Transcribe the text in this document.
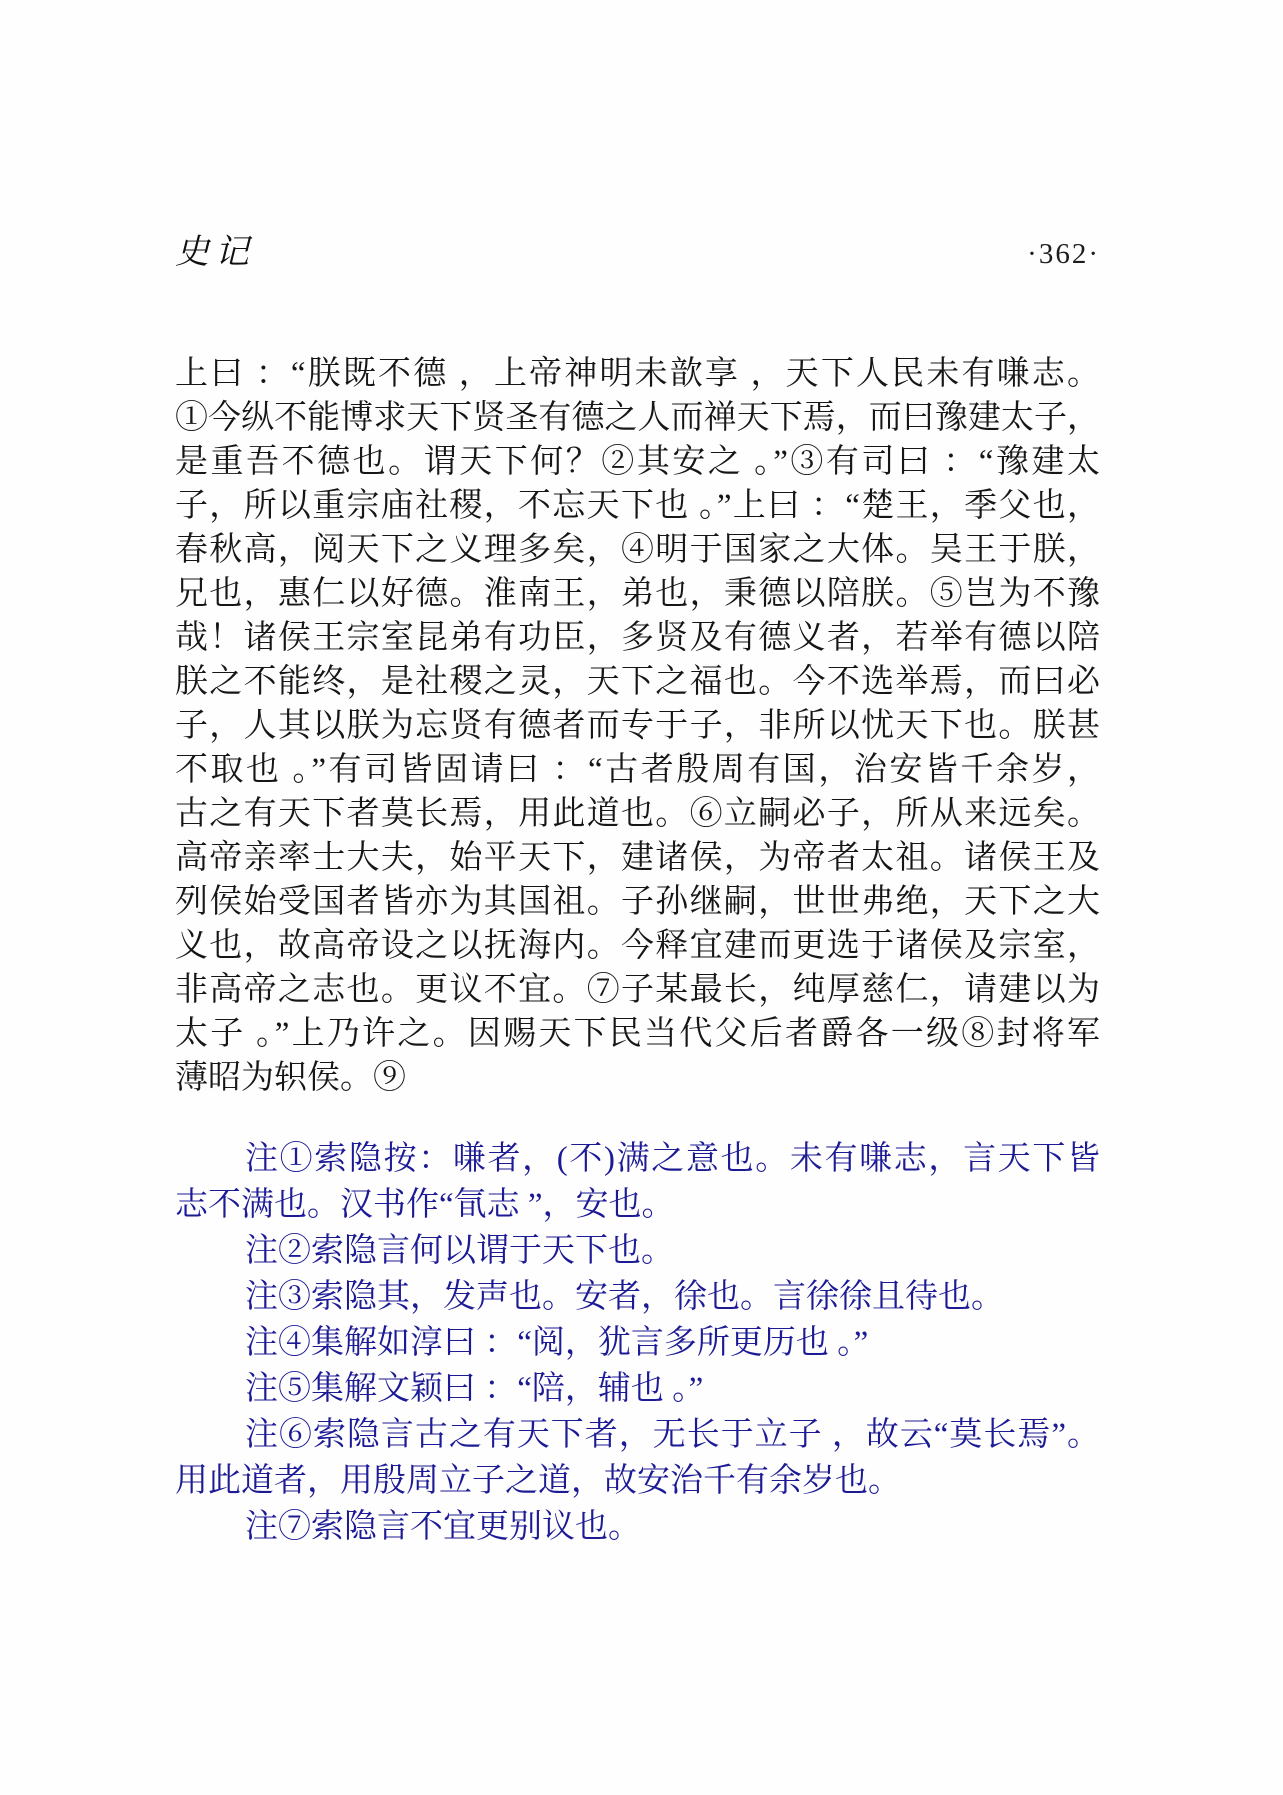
史记	·362·
上曰 ：“朕既不德 ，上帝神明未歆享 ，天下人民未有嗛志。
①今纵不能博求天下贤圣有德之人而禅天下焉，而曰豫建太子，
是重吾不德也。谓天下何？②其安之 。”③有司曰 ：“豫建太
子，所以重宗庙社稷，不忘天下也 。”上曰 ：“楚王，季父也，
春秋高，阅天下之义理多矣，④明于国家之大体。吴王于朕，
兄也，惠仁以好德。淮南王，弟也，秉德以陪朕。⑤岂为不豫
哉！诸侯王宗室昆弟有功臣，多贤及有德义者，若举有德以陪
朕之不能终，是社稷之灵，天下之福也。今不选举焉，而曰必
子，人其以朕为忘贤有德者而专于子，非所以忧天下也。朕甚
不取也 。”有司皆固请曰 ：“古者殷周有国，治安皆千余岁，
古之有天下者莫长焉，用此道也。⑥立嗣必子，所从来远矣。
高帝亲率士大夫，始平天下，建诸侯，为帝者太祖。诸侯王及
列侯始受国者皆亦为其国祖。子孙继嗣，世世弗绝，天下之大
义也，故高帝设之以抚海内。今释宜建而更选于诸侯及宗室，
非高帝之志也。更议不宜。⑦子某最长，纯厚慈仁，请建以为
太子 。”上乃许之。因赐天下民当代父后者爵各一级⑧封将军
薄昭为轵侯。⑨
注①索隐按：嗛者，(不)满之意也。未有嗛志，言天下皆
志不满也。汉书作“氜志 ”，安也。
注②索隐言何以谓于天下也。
注③索隐其，发声也。安者，徐也。言徐徐且待也。
注④集解如淳曰 ：“阅，犹言多所更历也 。”
注⑤集解文颖曰 ：“陪，辅也 。”
注⑥索隐言古之有天下者，无长于立子 ，故云“莫长焉”。
用此道者，用殷周立子之道，故安治千有余岁也。
注⑦索隐言不宜更别议也。
